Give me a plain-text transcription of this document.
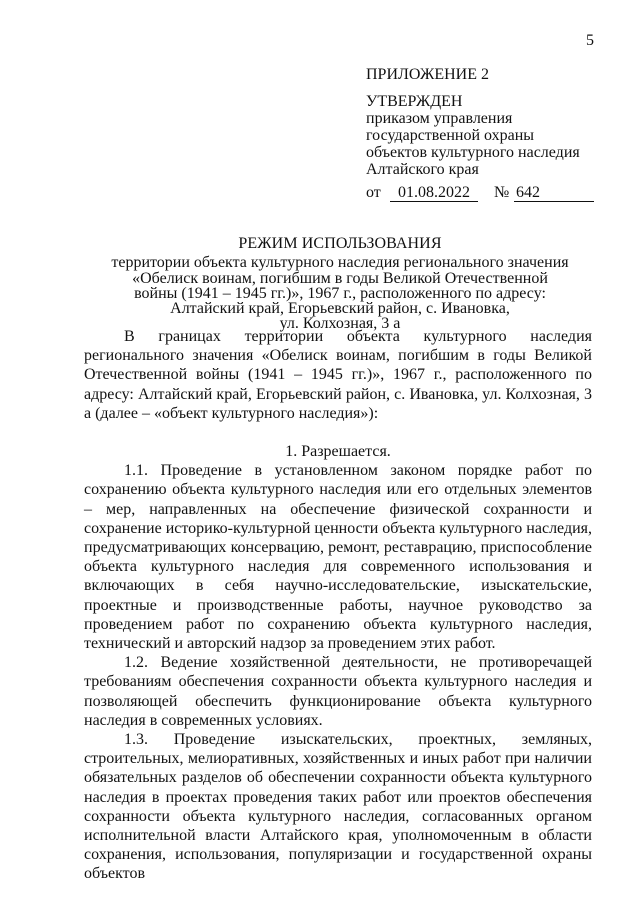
5
ПРИЛОЖЕНИЕ 2
УТВЕРЖДЕН
приказом управления
государственной охраны
объектов культурного наследия
Алтайского края
от	01.08.2022	№ 642
РЕЖИМ ИСПОЛЬЗОВАНИЯ
территории объекта культурного наследия регионального значения
«Обелиск воинам, погибшим в годы Великой Отечественной
войны (1941 – 1945 гг.)», 1967 г., расположенного по адресу:
Алтайский край, Егорьевский район, с. Ивановка,
ул. Колхозная, 3 а

В границах территории объекта культурного наследия регионального значения «Обелиск воинам, погибшим в годы Великой Отечественной войны (1941 – 1945 гг.)», 1967 г., расположенного по адресу: Алтайский край, Егорьевский район, с. Ивановка, ул. Колхозная, 3 а (далее – «объект культурного наследия»):

1. Разрешается.

1.1. Проведение в установленном законом порядке работ по сохранению объекта культурного наследия или его отдельных элементов – мер, направленных на обеспечение физической сохранности и сохранение историко-культурной ценности объекта культурного наследия, предусматривающих консервацию, ремонт, реставрацию, приспособление объекта культурного наследия для современного использования и включающих в себя научно-исследовательские, изыскательские, проектные и производственные работы, научное руководство за проведением работ по сохранению объекта культурного наследия, технический и авторский надзор за проведением этих работ.

1.2. Ведение хозяйственной деятельности, не противоречащей требованиям обеспечения сохранности объекта культурного наследия и позволяющей обеспечить функционирование объекта культурного наследия в современных условиях.

1.3. Проведение изыскательских, проектных, земляных, строительных, мелиоративных, хозяйственных и иных работ при наличии обязательных разделов об обеспечении сохранности объекта культурного наследия в проектах проведения таких работ или проектов обеспечения сохранности объекта культурного наследия, согласованных органом исполнительной власти Алтайского края, уполномоченным в области сохранения, использования, популяризации и государственной охраны объектов
